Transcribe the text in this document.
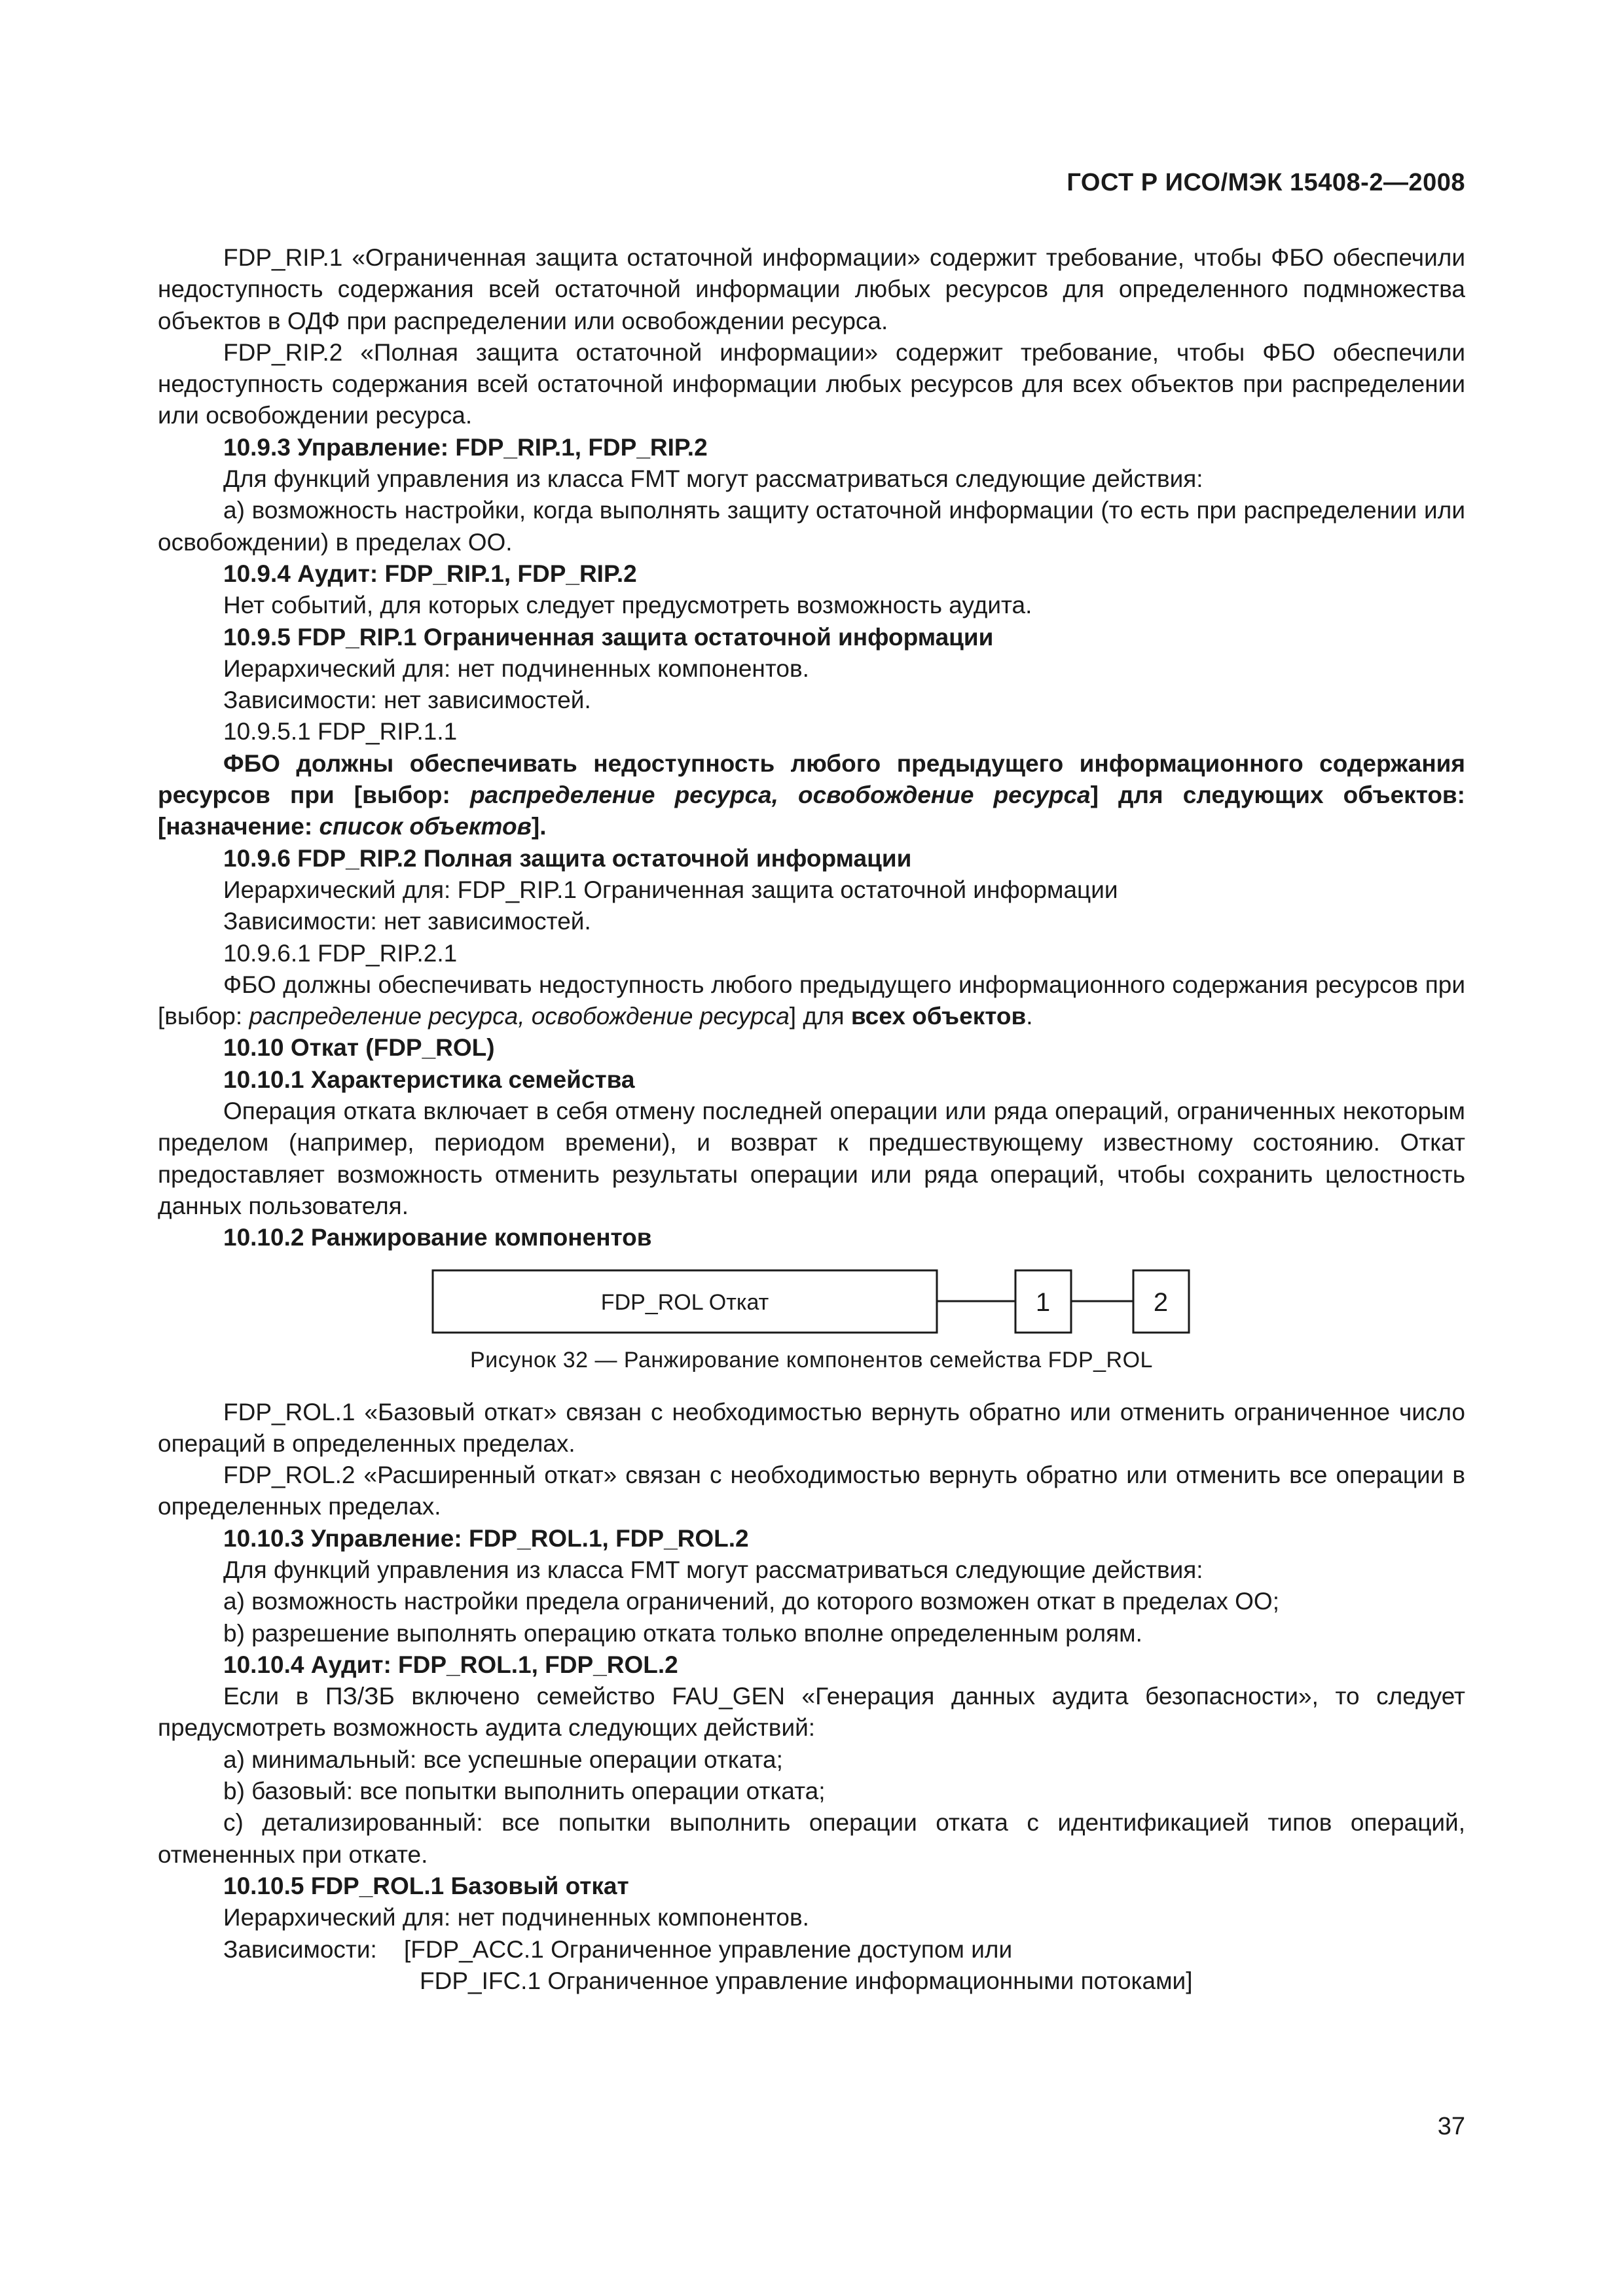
ГОСТ Р ИСО/МЭК 15408-2—2008

FDP_RIP.1 «Ограниченная защита остаточной информации» содержит требование, чтобы ФБО обеспечили недоступность содержания всей остаточной информации любых ресурсов для определенного подмножества объектов в ОДФ при распределении или освобождении ресурса.

FDP_RIP.2 «Полная защита остаточной информации» содержит требование, чтобы ФБО обеспечили недоступность содержания всей остаточной информации любых ресурсов для всех объектов при распределении или освобождении ресурса.

10.9.3 Управление: FDP_RIP.1, FDP_RIP.2

Для функций управления из класса FMT могут рассматриваться следующие действия:

а) возможность настройки, когда выполнять защиту остаточной информации (то есть при распределении или освобождении) в пределах ОО.

10.9.4 Аудит: FDP_RIP.1, FDP_RIP.2

Нет событий, для которых следует предусмотреть возможность аудита.

10.9.5 FDP_RIP.1 Ограниченная защита остаточной информации

Иерархический для: нет подчиненных компонентов.

Зависимости: нет зависимостей.

10.9.5.1 FDP_RIP.1.1

ФБО должны обеспечивать недоступность любого предыдущего информационного содержания ресурсов при [выбор: распределение ресурса, освобождение ресурса] для следующих объектов: [назначение: список объектов].

10.9.6 FDP_RIP.2 Полная защита остаточной информации

Иерархический для: FDP_RIP.1 Ограниченная защита остаточной информации

Зависимости: нет зависимостей.

10.9.6.1 FDP_RIP.2.1

ФБО должны обеспечивать недоступность любого предыдущего информационного содержания ресурсов при [выбор: распределение ресурса, освобождение ресурса] для всех объектов.

10.10 Откат (FDP_ROL)

10.10.1 Характеристика семейства

Операция отката включает в себя отмену последней операции или ряда операций, ограниченных некоторым пределом (например, периодом времени), и возврат к предшествующему известному состоянию. Откат предоставляет возможность отменить результаты операции или ряда операций, чтобы сохранить целостность данных пользователя.

10.10.2 Ранжирование компонентов

FDP_ROL Откат	1	2
Рисунок 32 — Ранжирование компонентов семейства FDP_ROL

FDP_ROL.1 «Базовый откат» связан с необходимостью вернуть обратно или отменить ограниченное число операций в определенных пределах.

FDP_ROL.2 «Расширенный откат» связан с необходимостью вернуть обратно или отменить все операции в определенных пределах.

10.10.3 Управление: FDP_ROL.1, FDP_ROL.2

Для функций управления из класса FMT могут рассматриваться следующие действия:

а) возможность настройки предела ограничений, до которого возможен откат в пределах ОО;

b) разрешение выполнять операцию отката только вполне определенным ролям.

10.10.4 Аудит: FDP_ROL.1, FDP_ROL.2

Если в ПЗ/ЗБ включено семейство FAU_GEN «Генерация данных аудита безопасности», то следует предусмотреть возможность аудита следующих действий:

а) минимальный: все успешные операции отката;

b) базовый: все попытки выполнить операции отката;

с) детализированный: все попытки выполнить операции отката с идентификацией типов операций, отмененных при откате.

10.10.5 FDP_ROL.1 Базовый откат

Иерархический для: нет подчиненных компонентов.

Зависимости: [FDP_ACC.1 Ограниченное управление доступом или

FDP_IFC.1 Ограниченное управление информационными потоками]

37
